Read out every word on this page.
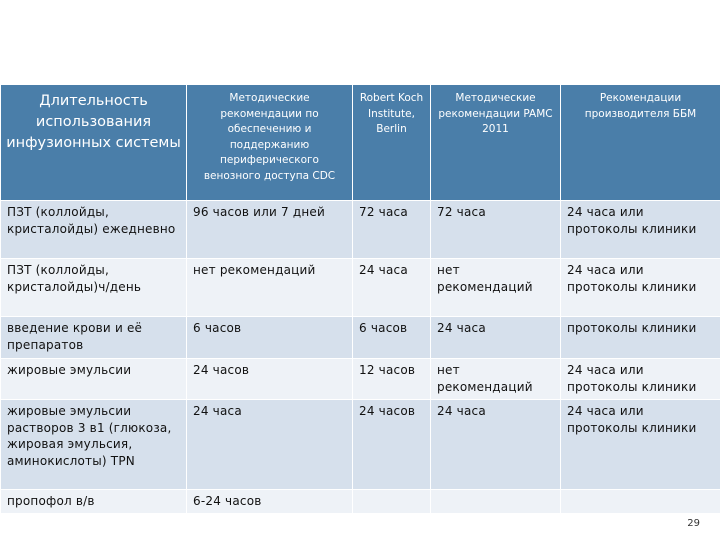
Длительность использования инфузионных системы	Методические рекомендации по обеспечению и поддержанию периферического венозного доступа CDC	Robert Koch Institute, Berlin	Методические рекомендации PAMC 2011	Рекомендации производителя ББМ
ПЗТ (коллойды, кристалойды) ежедневно	96 часов или 7 дней	72 часа	72 часа	24 часа или протоколы клиники
ПЗТ (коллойды, кристалойды)ч/день	нет рекомендаций	24 часа	нет рекомендаций	24 часа или протоколы клиники
введение крови и её препаратов	6 часов	6 часов	24 часа	протоколы клиники
жировые эмульсии	24 часов	12 часов	нет рекомендаций	24 часа или протоколы клиники
жировые эмульсии растворов 3 в1 (глюкоза, жировая эмульсия, аминокислоты) TPN	24 часа	24 часов	24 часа	24 часа или протоколы клиники
пропофол в/в	6-24 часов			
29
